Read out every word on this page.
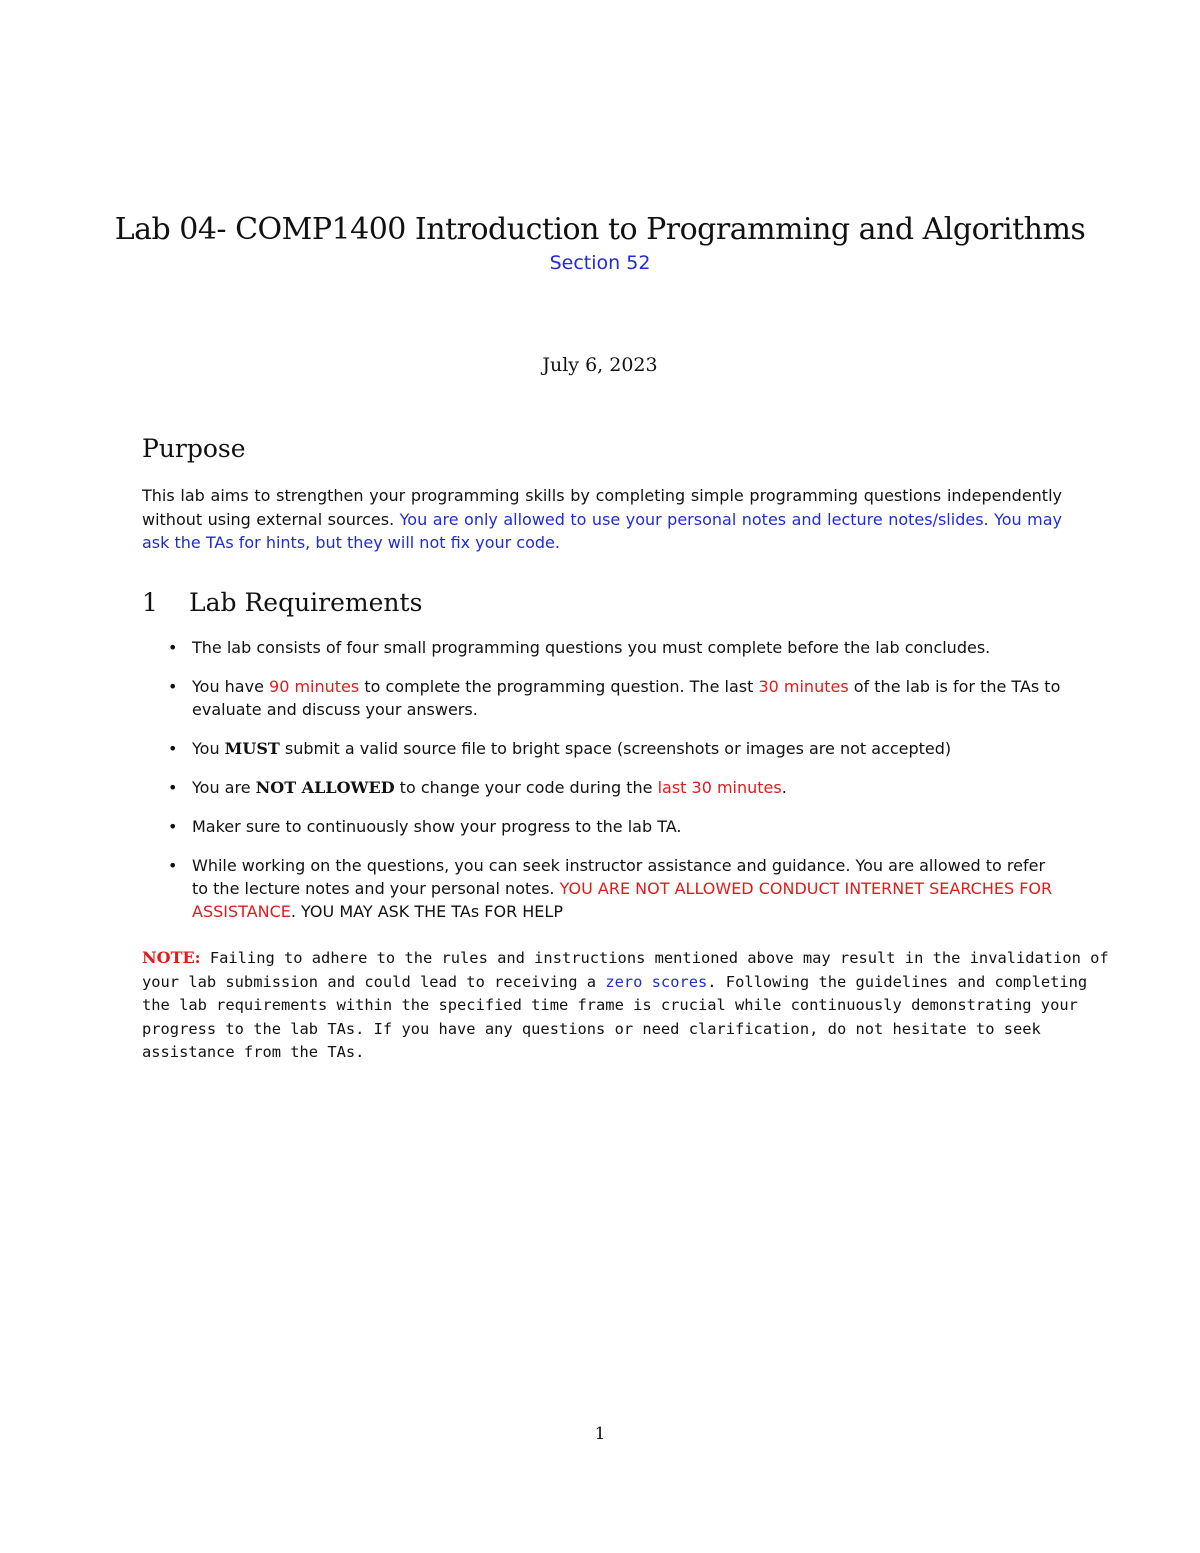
Lab 04- COMP1400 Introduction to Programming and Algorithms
Section 52
July 6, 2023
Purpose
This lab aims to strengthen your programming skills by completing simple programming questions independently without using external sources. You are only allowed to use your personal notes and lecture notes/slides. You may ask the TAs for hints, but they will not fix your code.
1 Lab Requirements
• The lab consists of four small programming questions you must complete before the lab concludes.
• You have 90 minutes to complete the programming question. The last 30 minutes of the lab is for the TAs to evaluate and discuss your answers.
• You MUST submit a valid source file to bright space (screenshots or images are not accepted)
• You are NOT ALLOWED to change your code during the last 30 minutes.
• Maker sure to continuously show your progress to the lab TA.
• While working on the questions, you can seek instructor assistance and guidance. You are allowed to refer to the lecture notes and your personal notes. YOU ARE NOT ALLOWED CONDUCT INTERNET SEARCHES FOR ASSISTANCE. YOU MAY ASK THE TAs FOR HELP
NOTE: Failing to adhere to the rules and instructions mentioned above may result in the invalidation of your lab submission and could lead to receiving a zero scores. Following the guidelines and completing the lab requirements within the specified time frame is crucial while continuously demonstrating your progress to the lab TAs. If you have any questions or need clarification, do not hesitate to seek assistance from the TAs.
1
